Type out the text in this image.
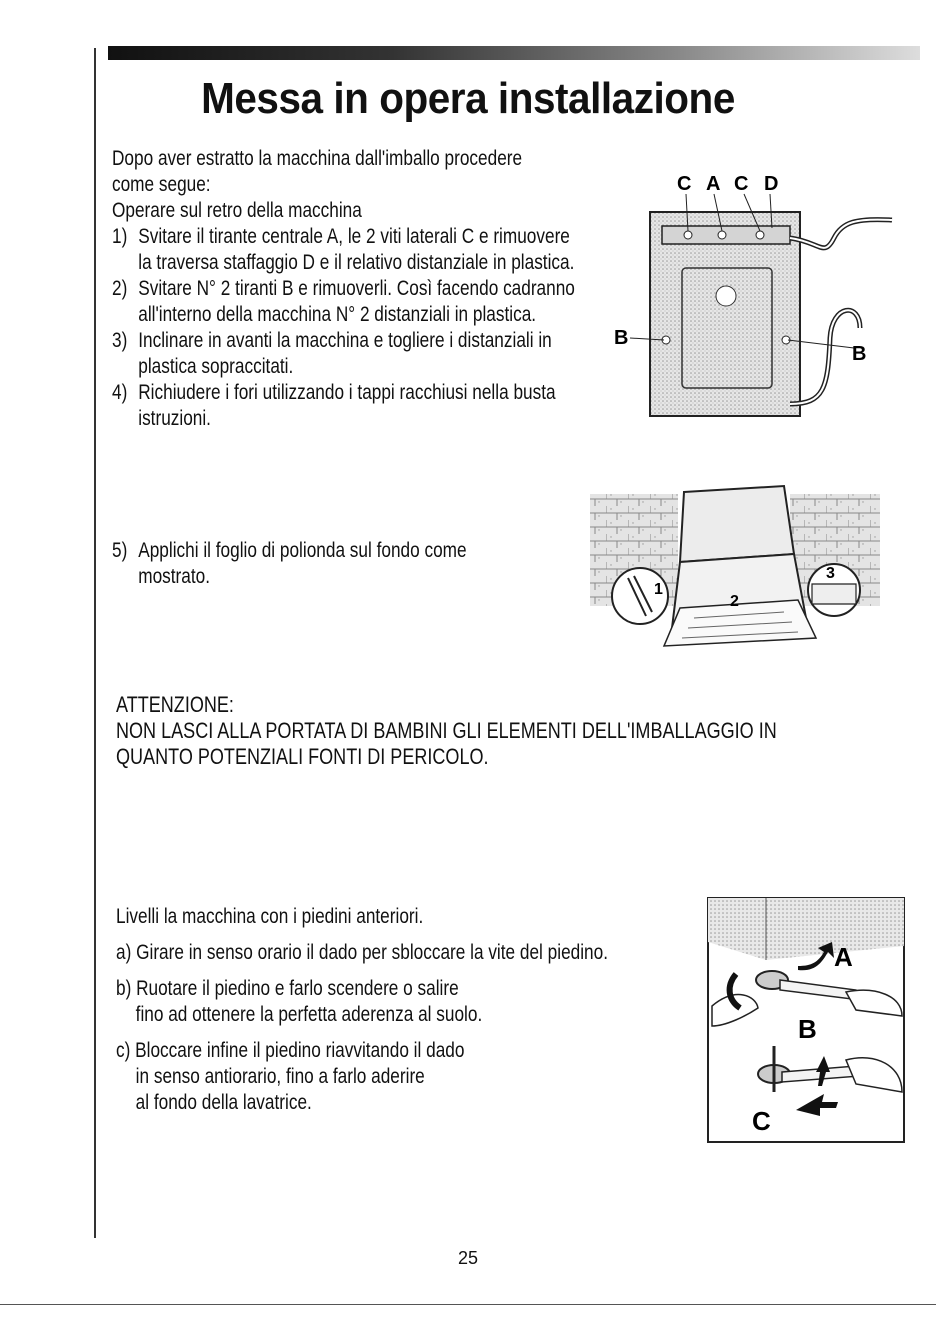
Messa in opera installazione

Dopo aver estratto la macchina dall'imballo procedere

come segue:

Operare sul retro della macchina

1) Svitare il tirante centrale A, le 2 viti laterali C e rimuovere la traversa staffaggio D e il relativo distanziale in plastica.
2) Svitare N° 2 tiranti B e rimuoverli. Così facendo cadranno all'interno della macchina N° 2 distanziali in plastica.
3) Inclinare in avanti la macchina e togliere i distanziali in plastica sopraccitati.
4) Richiudere i fori utilizzando i tappi racchiusi nella busta istruzioni.
5) Applichi il foglio di polionda sul fondo come mostrato.
C A C D
B
B
1
2
3

ATTENZIONE:

NON LASCI ALLA PORTATA DI BAMBINI GLI ELEMENTI DELL'IMBALLAGGIO IN

QUANTO POTENZIALI FONTI DI PERICOLO.

Livelli la macchina con i piedini anteriori.

a) Girare in senso orario il dado per sbloccare la vite del piedino.

b) Ruotare il piedino e farlo scendere o salire

fino ad ottenere la perfetta aderenza al suolo.

c) Bloccare infine il piedino riavvitando il dado

in senso antiorario, fino a farlo aderire

al fondo della lavatrice.

A
B
C
25
